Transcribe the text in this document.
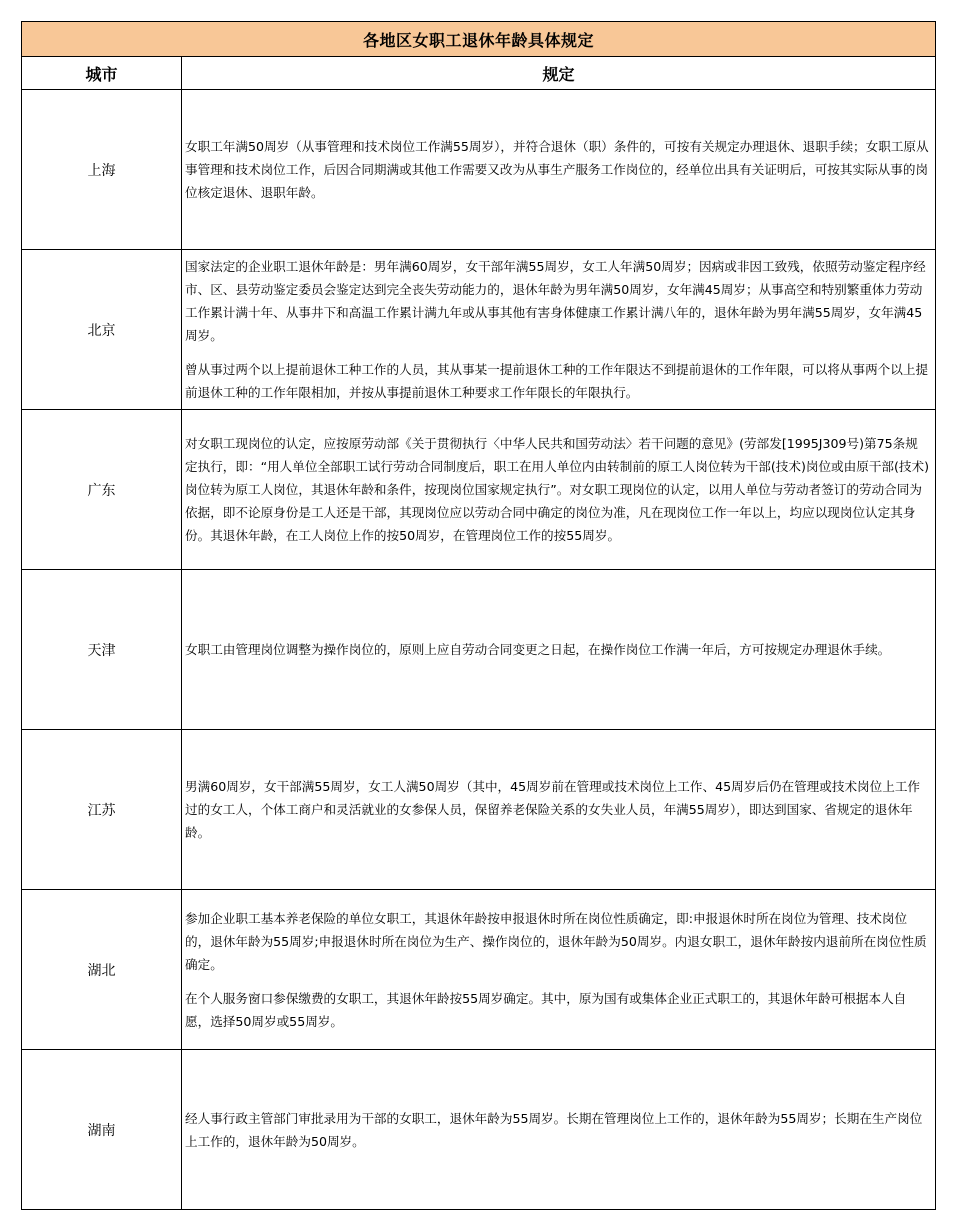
各地区女职工退休年龄具体规定	
城市	规定
上海	女职工年满50周岁（从事管理和技术岗位工作满55周岁），并符合退休（职）条件的，可按有关规定办理退休、退职手续；女职工原从事管理和技术岗位工作，后因合同期满或其他工作需要又改为从事生产服务工作岗位的，经单位出具有关证明后，可按其实际从事的岗位核定退休、退职年龄。

北京	国家法定的企业职工退休年龄是：男年满60周岁，女干部年满55周岁，女工人年满50周岁；因病或非因工致残，依照劳动鉴定程序经市、区、县劳动鉴定委员会鉴定达到完全丧失劳动能力的，退休年龄为男年满50周岁，女年满45周岁；从事高空和特别繁重体力劳动工作累计满十年、从事井下和高温工作累计满九年或从事其他有害身体健康工作累计满八年的，退休年龄为男年满55周岁，女年满45周岁。

曾从事过两个以上提前退休工种工作的人员，其从事某一提前退休工种的工作年限达不到提前退休的工作年限，可以将从事两个以上提前退休工种的工作年限相加，并按从事提前退休工种要求工作年限长的年限执行。

广东	对女职工现岗位的认定，应按原劳动部《关于贯彻执行〈中华人民共和国劳动法〉若干问题的意见》(劳部发[1995J309号)第75条规定执行，即：“用人单位全部职工试行劳动合同制度后，职工在用人单位内由转制前的原工人岗位转为干部(技术)岗位或由原干部(技术)岗位转为原工人岗位，其退休年龄和条件，按现岗位国家规定执行”。对女职工现岗位的认定，以用人单位与劳动者签订的劳动合同为依据，即不论原身份是工人还是干部，其现岗位应以劳动合同中确定的岗位为准，凡在现岗位工作一年以上，均应以现岗位认定其身份。其退休年龄，在工人岗位上作的按50周岁，在管理岗位工作的按55周岁。

天津	女职工由管理岗位调整为操作岗位的，原则上应自劳动合同变更之日起，在操作岗位工作满一年后，方可按规定办理退休手续。

江苏	男满60周岁，女干部满55周岁，女工人满50周岁（其中，45周岁前在管理或技术岗位上工作、45周岁后仍在管理或技术岗位上工作过的女工人，个体工商户和灵活就业的女参保人员，保留养老保险关系的女失业人员，年满55周岁），即达到国家、省规定的退休年龄。

湖北	参加企业职工基本养老保险的单位女职工，其退休年龄按申报退休时所在岗位性质确定，即:申报退休时所在岗位为管理、技术岗位的，退休年龄为55周岁;申报退休时所在岗位为生产、操作岗位的，退休年龄为50周岁。内退女职工，退休年龄按内退前所在岗位性质确定。

在个人服务窗口参保缴费的女职工，其退休年龄按55周岁确定。其中，原为国有或集体企业正式职工的，其退休年龄可根据本人自愿，选择50周岁或55周岁。

湖南	经人事行政主管部门审批录用为干部的女职工，退休年龄为55周岁。长期在管理岗位上工作的，退休年龄为55周岁；长期在生产岗位上工作的，退休年龄为50周岁。
